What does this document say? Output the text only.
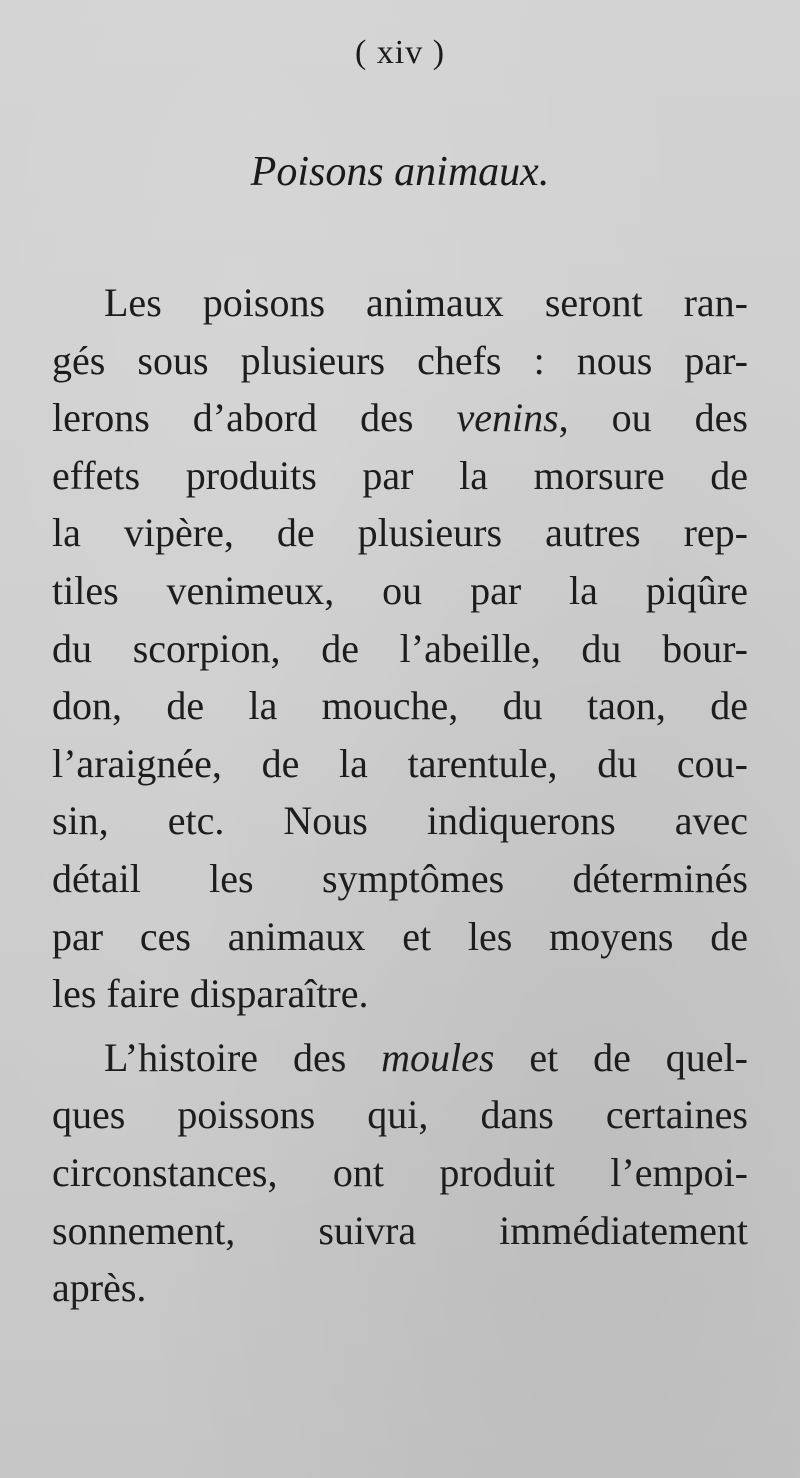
( xiv )
Poisons animaux.
Les poisons animaux seront ran-
gés sous plusieurs chefs : nous par-
lerons d’abord des venins, ou des
effets produits par la morsure de
la vipère, de plusieurs autres rep-
tiles venimeux, ou par la piqûre
du scorpion, de l’abeille, du bour-
don, de la mouche, du taon, de
l’araignée, de la tarentule, du cou-
sin, etc. Nous indiquerons avec
détail les symptômes déterminés
par ces animaux et les moyens de
les faire disparaître.
L’histoire des moules et de quel-
ques poissons qui, dans certaines
circonstances, ont produit l’empoi-
sonnement, suivra immédiatement
après.
